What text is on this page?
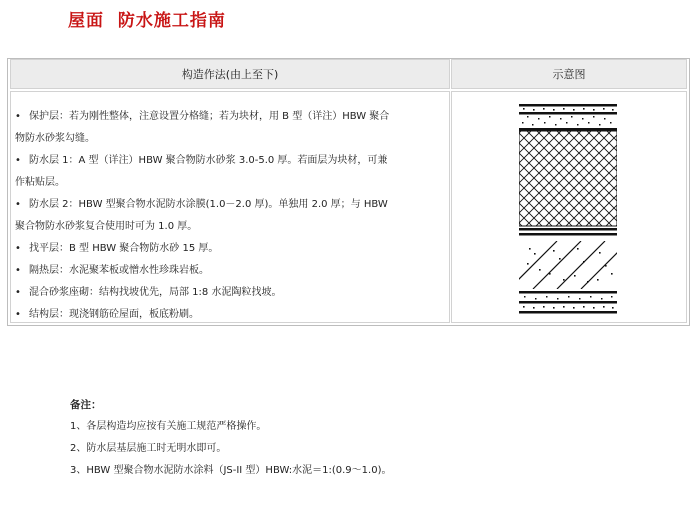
屋面  防水施工指南
构造作法(由上至下)	示意图
• 保护层：若为刚性整体，注意设置分格缝；若为块材，用 B 型（详注）HBW 聚合
物防水砂浆勾缝。
• 防水层 1：A 型（详注）HBW 聚合物防水砂浆 3.0-5.0 厚。若面层为块材，可兼
作粘贴层。
• 防水层 2：HBW 型聚合物水泥防水涂膜(1.0－2.0 厚)。单独用 2.0 厚；与 HBW
聚合物防水砂浆复合使用时可为 1.0 厚。
• 找平层：B 型 HBW 聚合物防水砂 15 厚。
• 隔热层：水泥聚苯板或憎水性珍珠岩板。
• 混合砂浆座砌：结构找坡优先，局部 1:8 水泥陶粒找坡。
• 结构层：现浇钢筋砼屋面，板底粉刷。
备注：
1、各层构造均应按有关施工规范严格操作。
2、防水层基层施工时无明水即可。
3、HBW 型聚合物水泥防水涂料（JS-II 型）HBW:水泥＝1:(0.9～1.0)。
